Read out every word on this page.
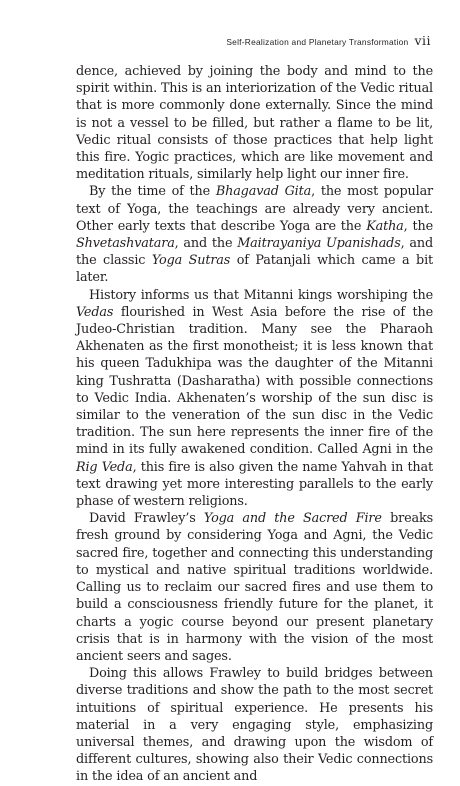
Self-Realization and Planetary Transformation vii

dence, achieved by joining the body and mind to the spirit within. This is an interiorization of the Vedic ritual that is more commonly done externally. Since the mind is not a vessel to be filled, but rather a flame to be lit, Vedic ritual consists of those practices that help light this fire. Yogic practices, which are like movement and meditation rituals, similarly help light our inner fire.

By the time of the Bhagavad Gita, the most popular text of Yoga, the teachings are already very ancient. Other early texts that describe Yoga are the Katha, the Shvetashvatara, and the Maitrayaniya Upanishads, and the classic Yoga Sutras of Patanjali which came a bit later.

History informs us that Mitanni kings worshiping the Vedas flourished in West Asia before the rise of the Judeo-Christian tradition. Many see the Pharaoh Akhenaten as the first monotheist; it is less known that his queen Tadukhipa was the daughter of the Mitanni king Tushratta (Dasharatha) with possible connections to Vedic India. Akhenaten’s worship of the sun disc is similar to the veneration of the sun disc in the Vedic tradition. The sun here represents the inner fire of the mind in its fully awakened condition. Called Agni in the Rig Veda, this fire is also given the name Yahvah in that text drawing yet more interesting parallels to the early phase of western religions.

David Frawley’s Yoga and the Sacred Fire breaks fresh ground by considering Yoga and Agni, the Vedic sacred fire, together and connecting this understanding to mystical and native spiritual traditions worldwide. Calling us to reclaim our sacred fires and use them to build a consciousness friendly future for the planet, it charts a yogic course beyond our present planetary crisis that is in harmony with the vision of the most ancient seers and sages.

Doing this allows Frawley to build bridges between diverse traditions and show the path to the most secret intuitions of spiritual experience. He presents his material in a very engaging style, emphasizing universal themes, and drawing upon the wisdom of different cultures, showing also their Vedic connections in the idea of an ancient and
